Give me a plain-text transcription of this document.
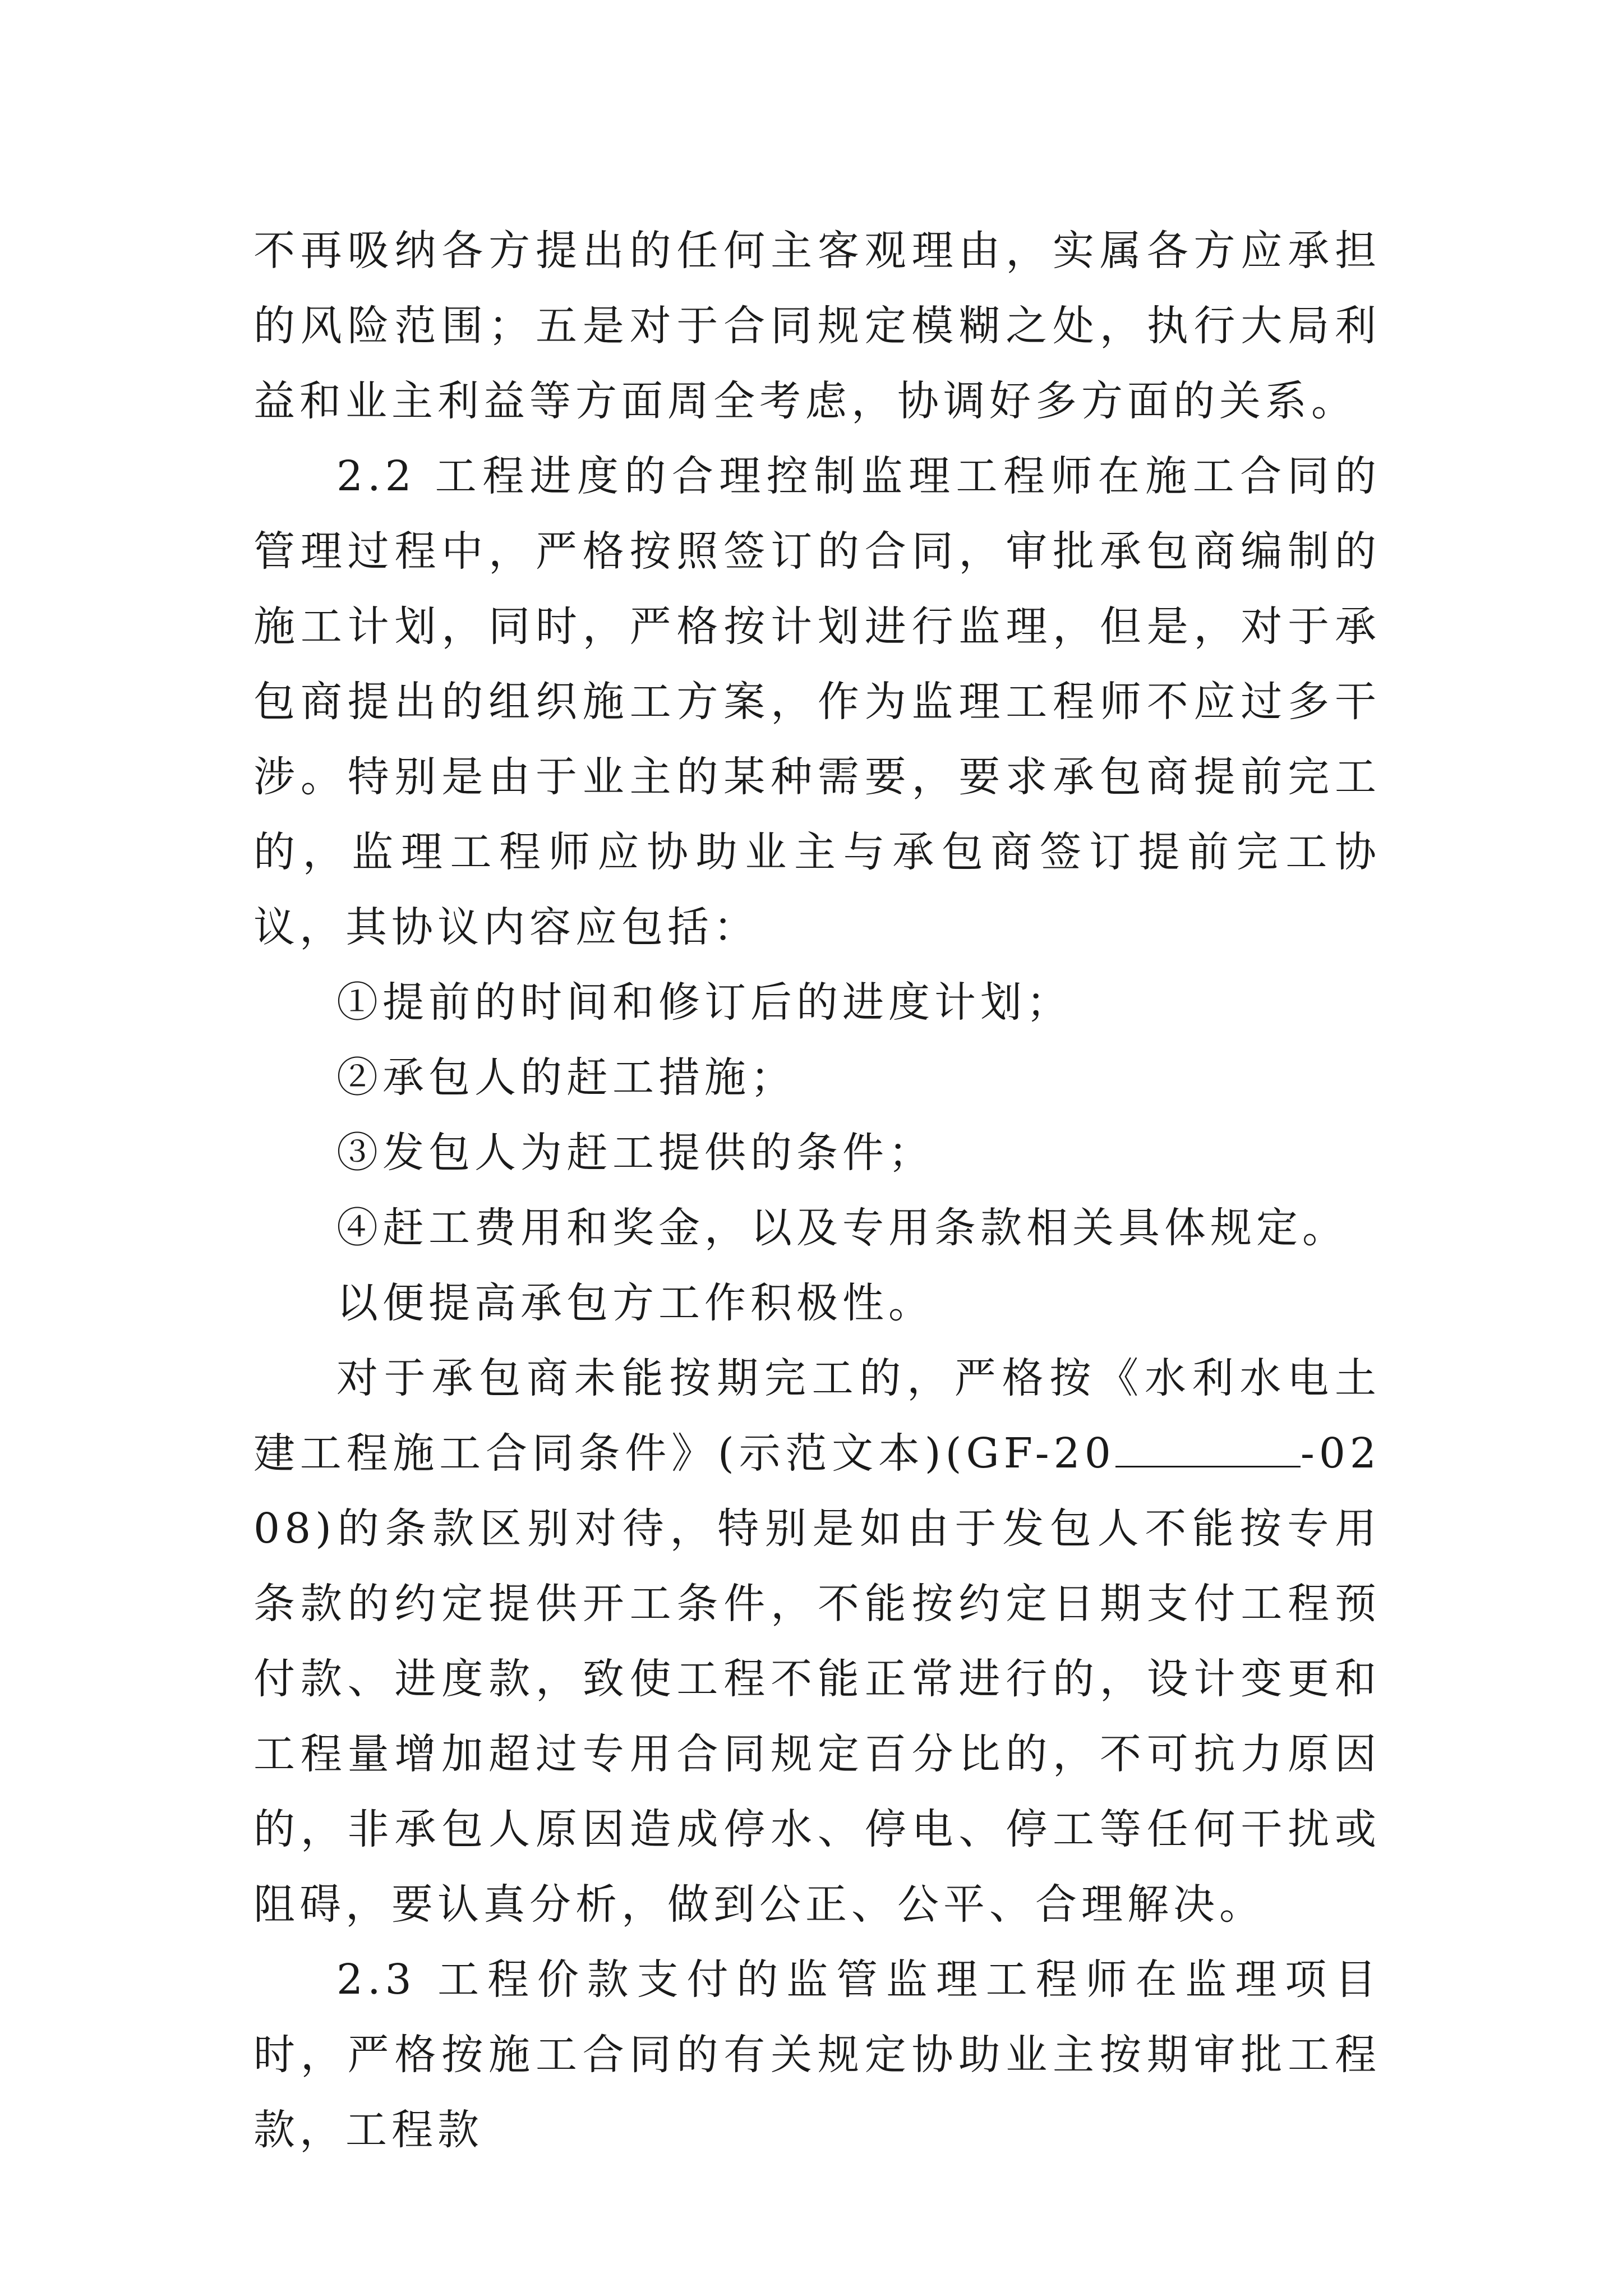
不再吸纳各方提出的任何主客观理由，实属各方应承担的风险范围；五是对于合同规定模糊之处，执行大局利益和业主利益等方面周全考虑，协调好多方面的关系。

2.2 工程进度的合理控制监理工程师在施工合同的管理过程中，严格按照签订的合同，审批承包商编制的施工计划，同时，严格按计划进行监理，但是，对于承包商提出的组织施工方案，作为监理工程师不应过多干涉。特别是由于业主的某种需要，要求承包商提前完工的，监理工程师应协助业主与承包商签订提前完工协议，其协议内容应包括：

①提前的时间和修订后的进度计划；

②承包人的赶工措施；

③发包人为赶工提供的条件；

④赶工费用和奖金，以及专用条款相关具体规定。

以便提高承包方工作积极性。

对于承包商未能按期完工的，严格按《水利水电土建工程施工合同条件》(示范文本)(GF-20	-0208)的条款区别对待，特别是如由于发包人不能按专用条款的约定提供开工条件，不能按约定日期支付工程预付款、进度款，致使工程不能正常进行的，设计变更和工程量增加超过专用合同规定百分比的，不可抗力原因的，非承包人原因造成停水、停电、停工等任何干扰或阻碍，要认真分析，做到公正、公平、合理解决。

2.3 工程价款支付的监管监理工程师在监理项目时，严格按施工合同的有关规定协助业主按期审批工程款，工程款
